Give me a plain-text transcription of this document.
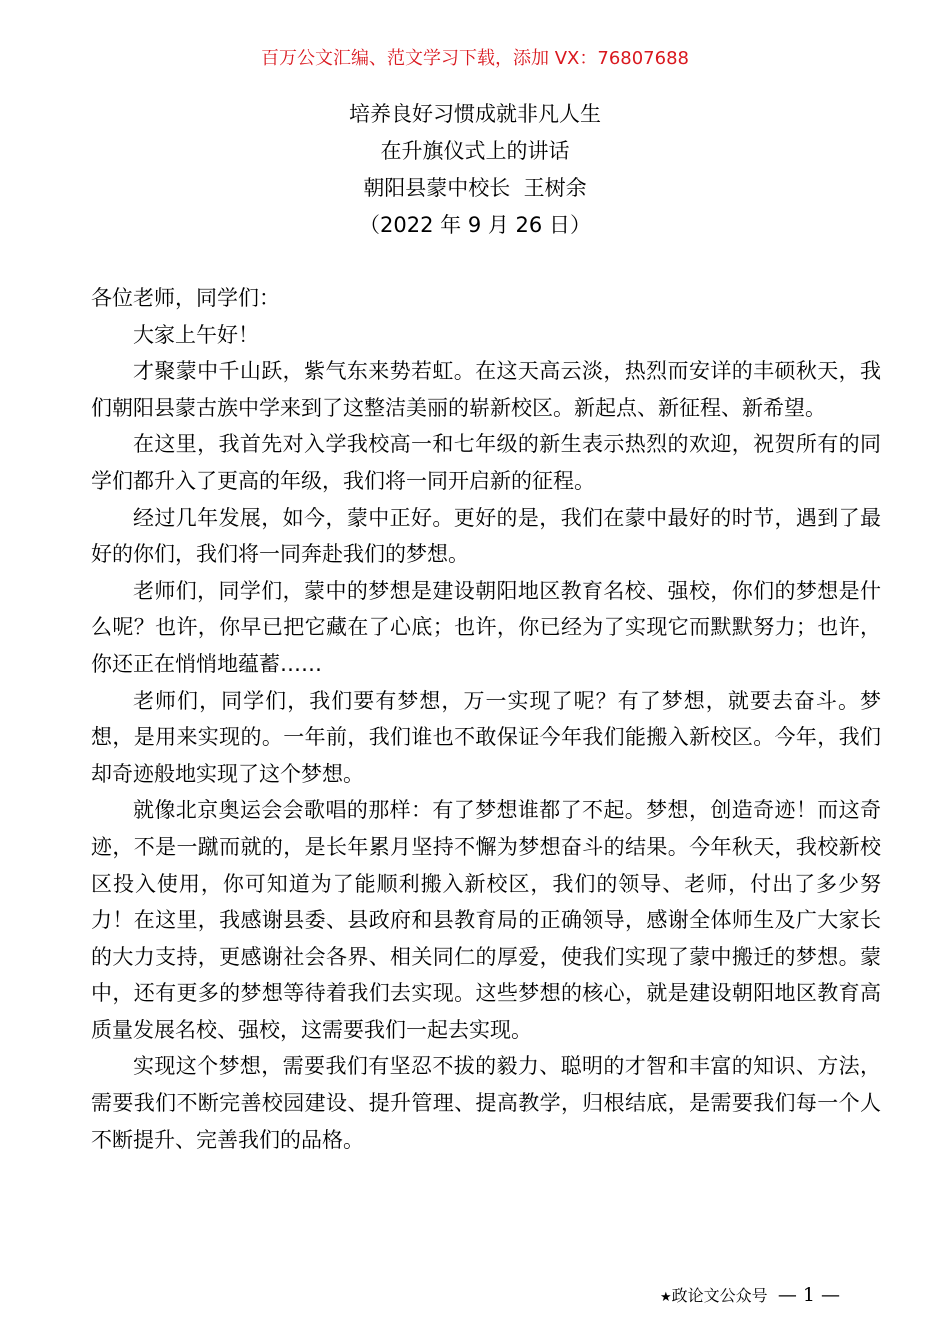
百万公文汇编、范文学习下载，添加 VX：76807688
培养良好习惯成就非凡人生
在升旗仪式上的讲话
朝阳县蒙中校长  王树余
（2022 年 9 月 26 日）

各位老师，同学们：

大家上午好！

才聚蒙中千山跃，紫气东来势若虹。在这天高云淡，热烈而安详的丰硕秋天，我们朝阳县蒙古族中学来到了这整洁美丽的崭新校区。新起点、新征程、新希望。

在这里，我首先对入学我校高一和七年级的新生表示热烈的欢迎，祝贺所有的同学们都升入了更高的年级，我们将一同开启新的征程。

经过几年发展，如今，蒙中正好。更好的是，我们在蒙中最好的时节，遇到了最好的你们，我们将一同奔赴我们的梦想。

老师们，同学们，蒙中的梦想是建设朝阳地区教育名校、强校，你们的梦想是什么呢？也许，你早已把它藏在了心底；也许，你已经为了实现它而默默努力；也许，你还正在悄悄地蕴蓄……

老师们，同学们，我们要有梦想，万一实现了呢？有了梦想，就要去奋斗。梦想，是用来实现的。一年前，我们谁也不敢保证今年我们能搬入新校区。今年，我们却奇迹般地实现了这个梦想。

就像北京奥运会会歌唱的那样：有了梦想谁都了不起。梦想，创造奇迹！而这奇迹，不是一蹴而就的，是长年累月坚持不懈为梦想奋斗的结果。今年秋天，我校新校区投入使用，你可知道为了能顺利搬入新校区，我们的领导、老师，付出了多少努力！在这里，我感谢县委、县政府和县教育局的正确领导，感谢全体师生及广大家长的大力支持，更感谢社会各界、相关同仁的厚爱，使我们实现了蒙中搬迁的梦想。蒙中，还有更多的梦想等待着我们去实现。这些梦想的核心，就是建设朝阳地区教育高质量发展名校、强校，这需要我们一起去实现。

实现这个梦想，需要我们有坚忍不拔的毅力、聪明的才智和丰富的知识、方法，需要我们不断完善校园建设、提升管理、提高教学，归根结底，是需要我们每一个人不断提升、完善我们的品格。

★政论文公众号 — 1 —
